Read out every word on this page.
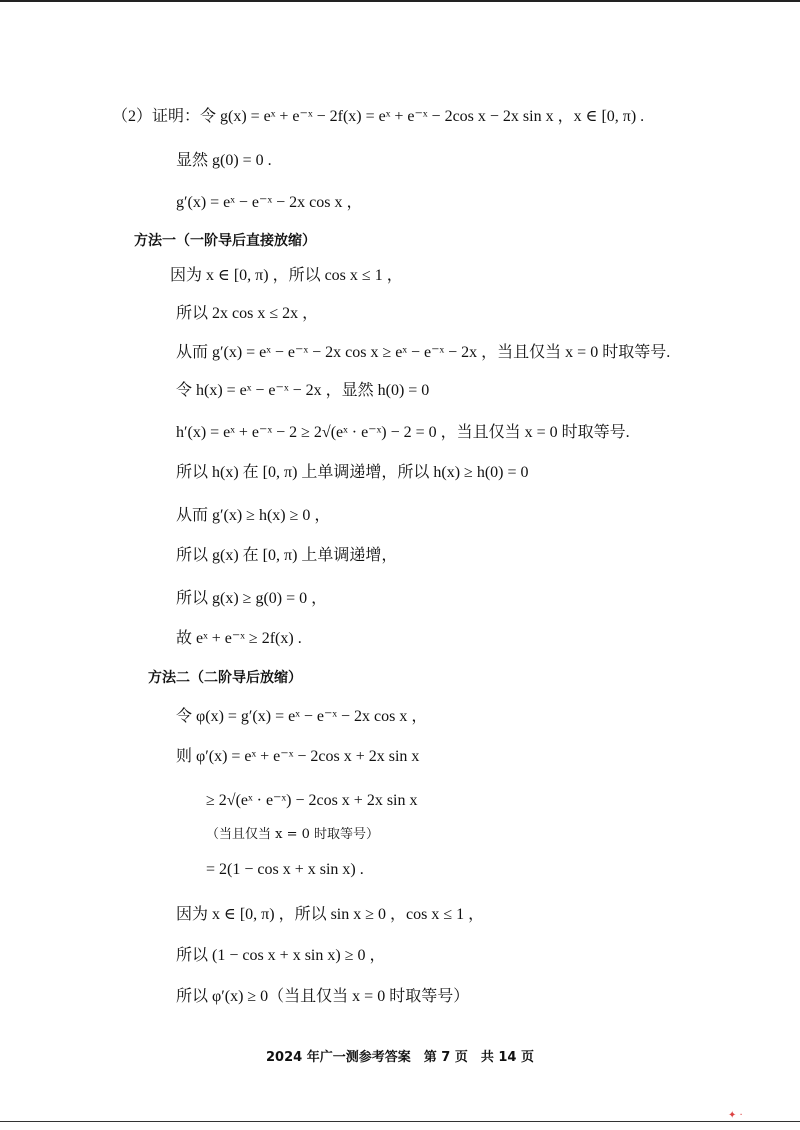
（2）证明：令 g(x) = eˣ + e⁻ˣ − 2f(x) = eˣ + e⁻ˣ − 2cos x − 2x sin x ，x ∈ [0, π) .
显然 g(0) = 0 .
g′(x) = eˣ − e⁻ˣ − 2x cos x ，
方法一（一阶导后直接放缩）
因为 x ∈ [0, π) ，所以 cos x ≤ 1 ，
所以 2x cos x ≤ 2x ，
从而 g′(x) = eˣ − e⁻ˣ − 2x cos x ≥ eˣ − e⁻ˣ − 2x ，当且仅当 x = 0 时取等号.
令 h(x) = eˣ − e⁻ˣ − 2x ，显然 h(0) = 0
h′(x) = eˣ + e⁻ˣ − 2 ≥ 2√(eˣ · e⁻ˣ) − 2 = 0 ，当且仅当 x = 0 时取等号.
所以 h(x) 在 [0, π) 上单调递增，所以 h(x) ≥ h(0) = 0
从而 g′(x) ≥ h(x) ≥ 0 ，
所以 g(x) 在 [0, π) 上单调递增，
所以 g(x) ≥ g(0) = 0 ，
故 eˣ + e⁻ˣ ≥ 2f(x) .
方法二（二阶导后放缩）
令 φ(x) = g′(x) = eˣ − e⁻ˣ − 2x cos x ，
则 φ′(x) = eˣ + e⁻ˣ − 2cos x + 2x sin x
≥ 2√(eˣ · e⁻ˣ) − 2cos x + 2x sin x
（当且仅当 x = 0 时取等号）
= 2(1 − cos x + x sin x) .
因为 x ∈ [0, π) ，所以 sin x ≥ 0 ，cos x ≤ 1 ，
所以 (1 − cos x + x sin x) ≥ 0 ，
所以 φ′(x) ≥ 0（当且仅当 x = 0 时取等号）
2024 年广一测参考答案　第 7 页　共 14 页
✦ ·
